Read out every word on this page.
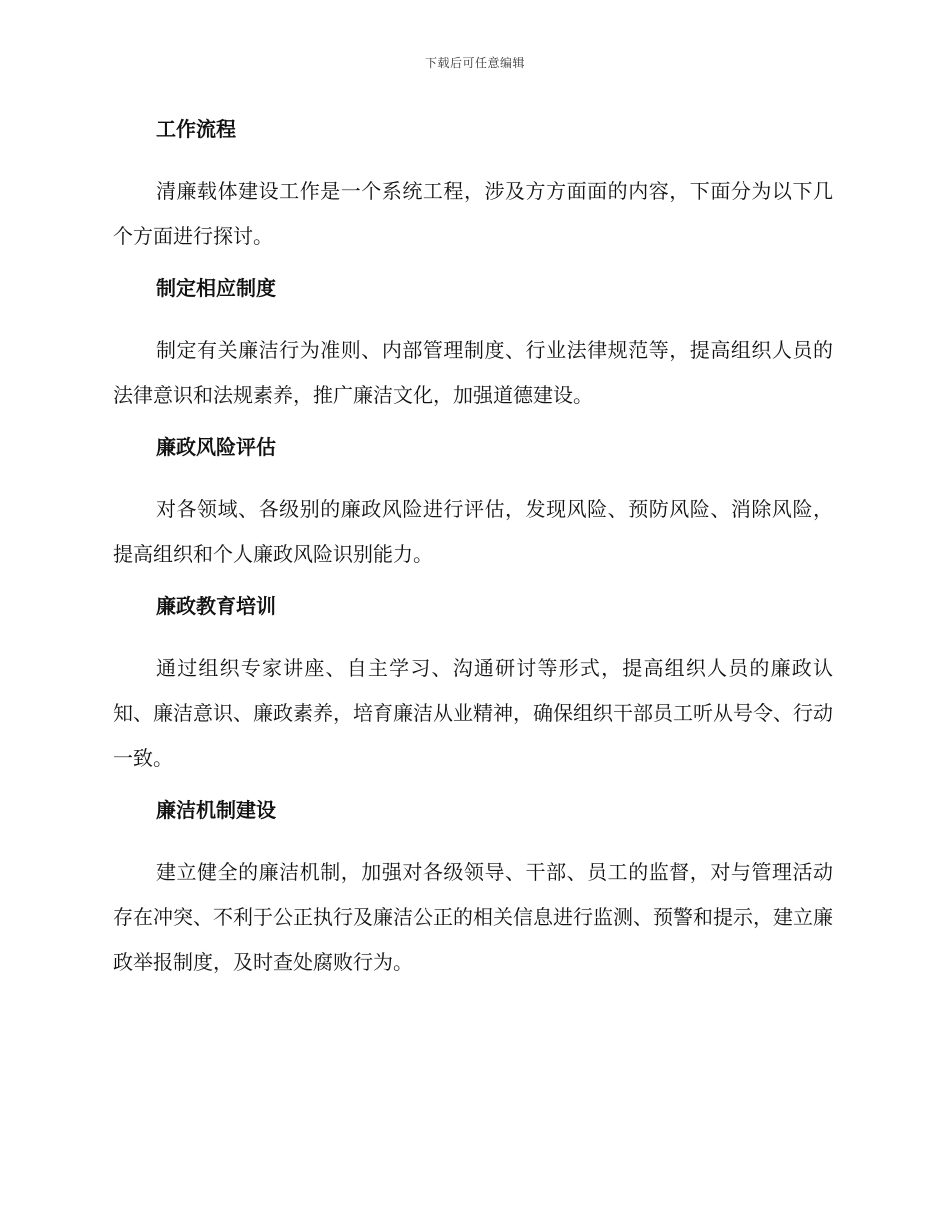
下载后可任意编辑
工作流程

清廉载体建设工作是一个系统工程，涉及方方面面的内容，下面分为以下几个方面进行探讨。

制定相应制度

制定有关廉洁行为准则、内部管理制度、行业法律规范等，提高组织人员的法律意识和法规素养，推广廉洁文化，加强道德建设。

廉政风险评估

对各领域、各级别的廉政风险进行评估，发现风险、预防风险、消除风险，提高组织和个人廉政风险识别能力。

廉政教育培训

通过组织专家讲座、自主学习、沟通研讨等形式，提高组织人员的廉政认知、廉洁意识、廉政素养，培育廉洁从业精神，确保组织干部员工听从号令、行动一致。

廉洁机制建设

建立健全的廉洁机制，加强对各级领导、干部、员工的监督，对与管理活动存在冲突、不利于公正执行及廉洁公正的相关信息进行监测、预警和提示，建立廉政举报制度，及时查处腐败行为。
